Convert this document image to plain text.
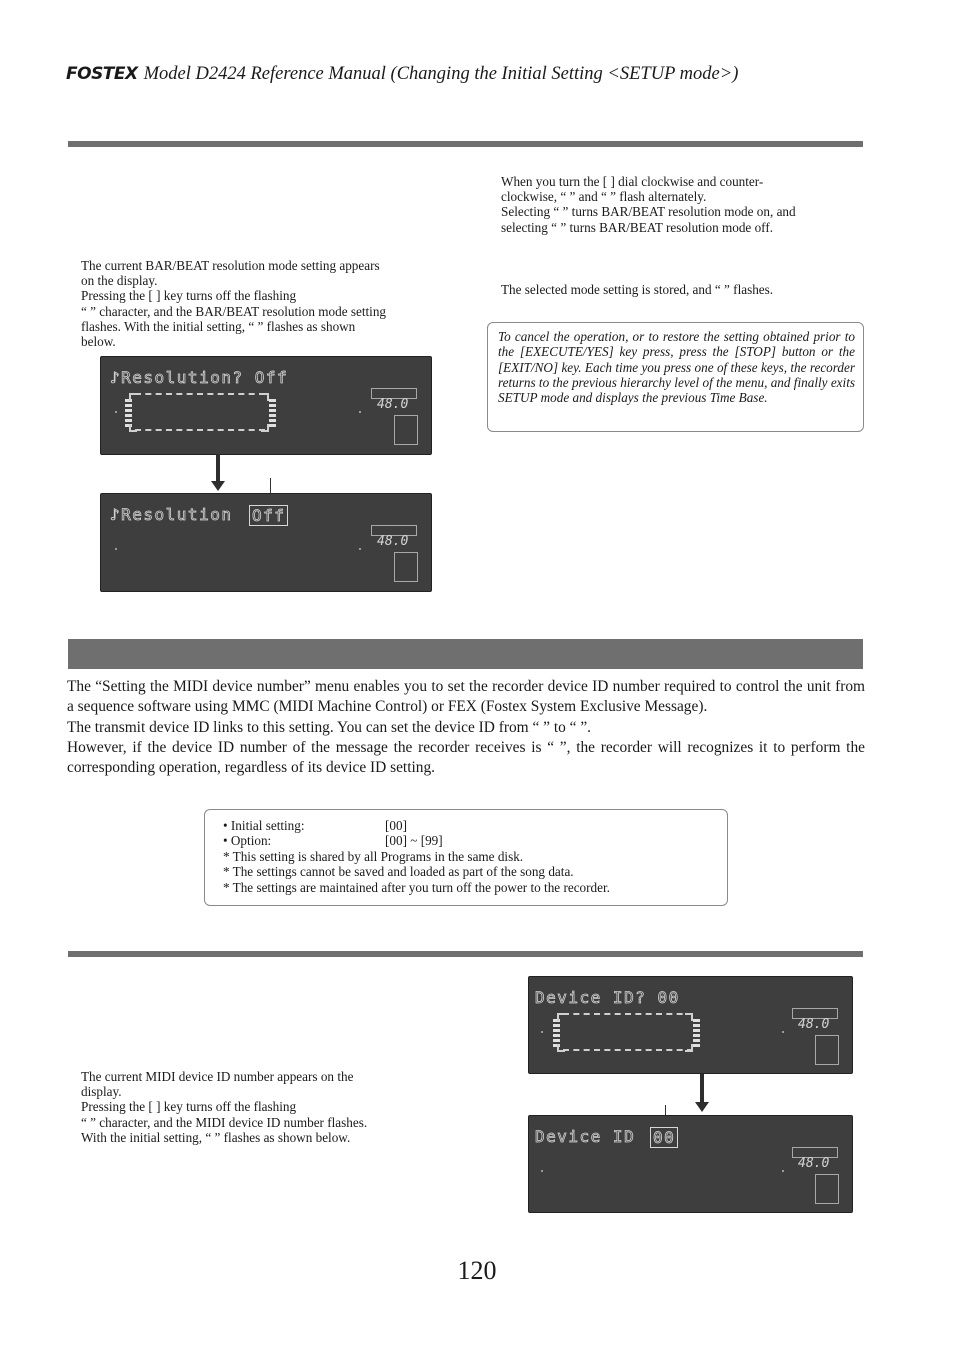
FOSTEX Model D2424 Reference Manual (Changing the Initial Setting <SETUP mode>)

The current BAR/BEAT resolution mode setting appears

on the display.

Pressing the [ ] key turns off the flashing

“ ” character, and the BAR/BEAT resolution mode setting

flashes. With the initial setting, “ ” flashes as shown

below.

♪Resolution? Off
48.0
♪Resolution Off
48.0

When you turn the [ ] dial clockwise and counter-

clockwise, “ ” and “ ” flash alternately.

Selecting “ ” turns BAR/BEAT resolution mode on, and

selecting “ ” turns BAR/BEAT resolution mode off.

The selected mode setting is stored, and “ ” flashes.

To cancel the operation, or to restore the setting obtained prior to the [EXECUTE/YES] key press, press the [STOP] button or the [EXIT/NO] key. Each time you press one of these keys, the recorder returns to the previous hierarchy level of the menu, and finally exits SETUP mode and displays the previous Time Base.

The “Setting the MIDI device number” menu enables you to set the recorder device ID number required to control the unit from a sequence software using MMC (MIDI Machine Control) or FEX (Fostex System Exclusive Message).

The transmit device ID links to this setting. You can set the device ID from “ ” to “ ”.

However, if the device ID number of the message the recorder receives is “ ”, the recorder will recognizes it to perform the corresponding operation, regardless of its device ID setting.

• Initial setting:	[00]
• Option:	[00] ~ [99]
* This setting is shared by all Programs in the same disk.
* The settings cannot be saved and loaded as part of the song data.
* The settings are maintained after you turn off the power to the recorder.

The current MIDI device ID number appears on the

display.

Pressing the [ ] key turns off the flashing

“ ” character, and the MIDI device ID number flashes.

With the initial setting, “ ” flashes as shown below.

Device ID? 00
48.0
Device ID 00
48.0
120
